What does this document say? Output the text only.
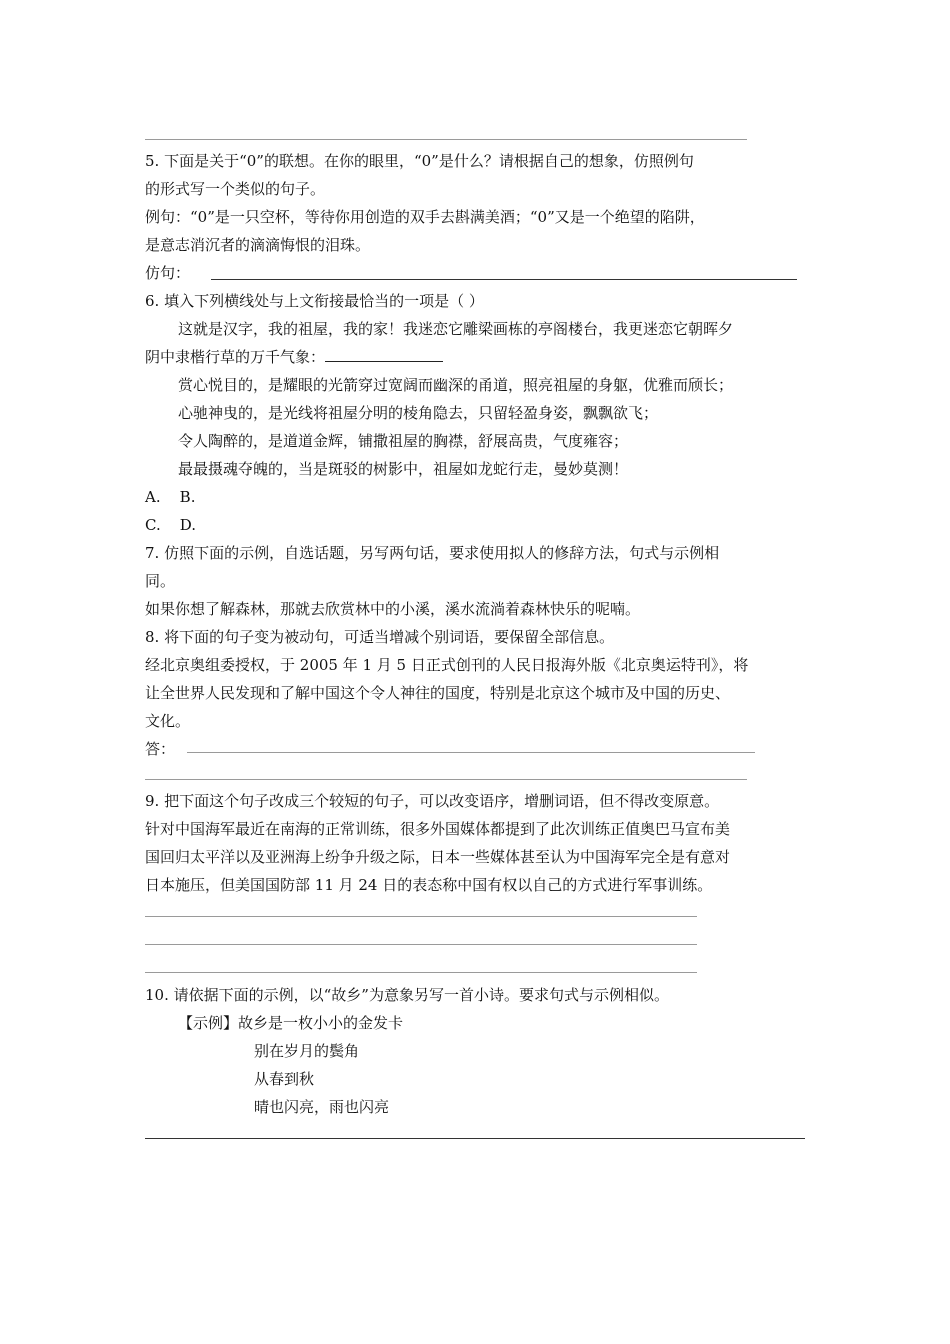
5. 下面是关于“0”的联想。在你的眼里，“0”是什么？请根据自己的想象，仿照例句
的形式写一个类似的句子。
例句：“0”是一只空杯，等待你用创造的双手去斟满美酒；“0”又是一个绝望的陷阱，
是意志消沉者的滴滴悔恨的泪珠。
仿句：
6. 填入下列横线处与上文衔接最恰当的一项是（ ）
这就是汉字，我的祖屋，我的家！我迷恋它雕梁画栋的亭阁楼台，我更迷恋它朝晖夕
阴中隶楷行草的万千气象：
赏心悦目的，是耀眼的光箭穿过宽阔而幽深的甬道，照亮祖屋的身躯，优雅而颀长；
心驰神曳的，是光线将祖屋分明的棱角隐去，只留轻盈身姿，飘飘欲飞；
令人陶醉的，是道道金辉，铺撒祖屋的胸襟，舒展高贵，气度雍容；
最最摄魂夺魄的，当是斑驳的树影中，祖屋如龙蛇行走，曼妙莫测！
A.    B.
C.    D.
7. 仿照下面的示例，自选话题，另写两句话，要求使用拟人的修辞方法，句式与示例相
同。
如果你想了解森林，那就去欣赏林中的小溪，溪水流淌着森林快乐的呢喃。
8. 将下面的句子变为被动句，可适当增减个别词语，要保留全部信息。
经北京奥组委授权，于 2005 年 1 月 5 日正式创刊的人民日报海外版《北京奥运特刊》，将
让全世界人民发现和了解中国这个令人神往的国度，特别是北京这个城市及中国的历史、
文化。
答：
9. 把下面这个句子改成三个较短的句子，可以改变语序，增删词语，但不得改变原意。
针对中国海军最近在南海的正常训练，很多外国媒体都提到了此次训练正值奥巴马宣布美
国回归太平洋以及亚洲海上纷争升级之际，日本一些媒体甚至认为中国海军完全是有意对
日本施压，但美国国防部 11 月 24 日的表态称中国有权以自己的方式进行军事训练。
10. 请依据下面的示例，以“故乡”为意象另写一首小诗。要求句式与示例相似。
【示例】故乡是一枚小小的金发卡
别在岁月的鬓角
从春到秋
晴也闪亮，雨也闪亮
